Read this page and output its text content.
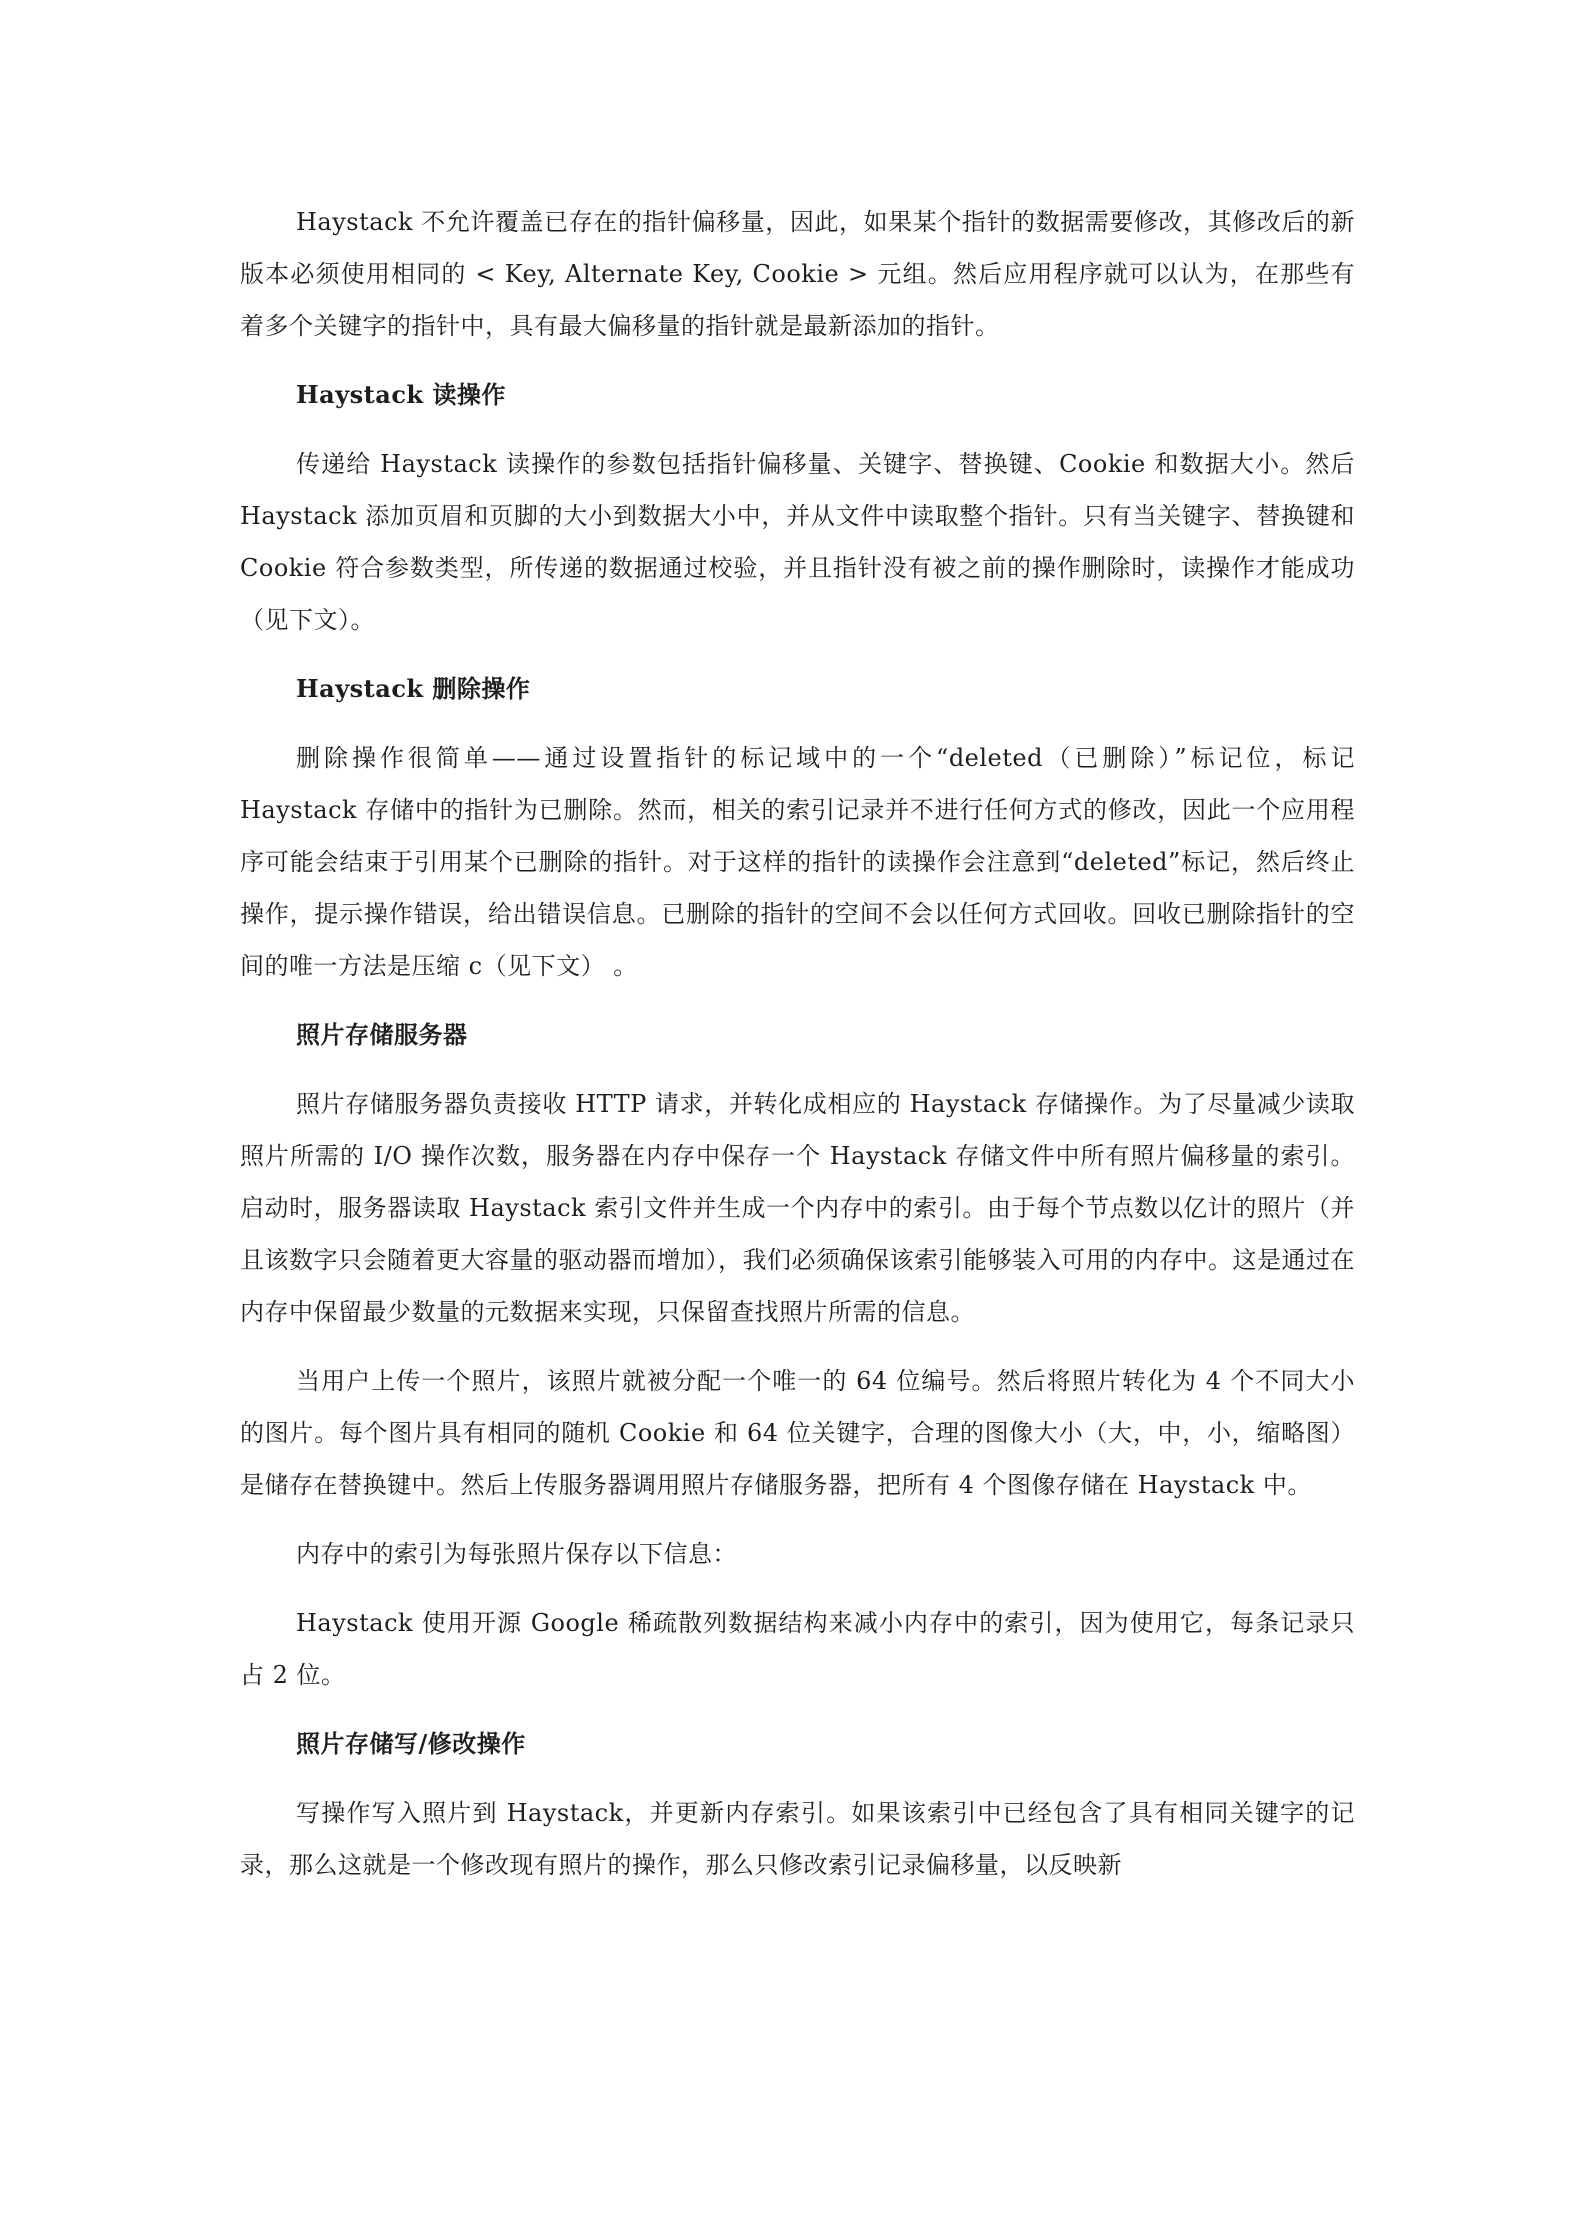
Haystack 不允许覆盖已存在的指针偏移量，因此，如果某个指针的数据需要修改，其修改后的新版本必须使用相同的 < Key, Alternate Key, Cookie > 元组。然后应用程序就可以认为，在那些有着多个关键字的指针中，具有最大偏移量的指针就是最新添加的指针。

Haystack 读操作

传递给 Haystack 读操作的参数包括指针偏移量、关键字、替换键、Cookie 和数据大小。然后 Haystack 添加页眉和页脚的大小到数据大小中，并从文件中读取整个指针。只有当关键字、替换键和 Cookie 符合参数类型，所传递的数据通过校验，并且指针没有被之前的操作删除时，读操作才能成功（见下文）。

Haystack 删除操作

删除操作很简单——通过设置指针的标记域中的一个“deleted（已删除）”标记位，标记 Haystack 存储中的指针为已删除。然而，相关的索引记录并不进行任何方式的修改，因此一个应用程序可能会结束于引用某个已删除的指针。对于这样的指针的读操作会注意到“deleted”标记，然后终止操作，提示操作错误，给出错误信息。已删除的指针的空间不会以任何方式回收。回收已删除指针的空间的唯一方法是压缩 c（见下文） 。

照片存储服务器

照片存储服务器负责接收 HTTP 请求，并转化成相应的 Haystack 存储操作。为了尽量减少读取照片所需的 I/O 操作次数，服务器在内存中保存一个 Haystack 存储文件中所有照片偏移量的索引。启动时，服务器读取 Haystack 索引文件并生成一个内存中的索引。由于每个节点数以亿计的照片（并且该数字只会随着更大容量的驱动器而增加），我们必须确保该索引能够装入可用的内存中。这是通过在内存中保留最少数量的元数据来实现，只保留查找照片所需的信息。

当用户上传一个照片，该照片就被分配一个唯一的 64 位编号。然后将照片转化为 4 个不同大小的图片。每个图片具有相同的随机 Cookie 和 64 位关键字，合理的图像大小（大，中，小，缩略图）是储存在替换键中。然后上传服务器调用照片存储服务器，把所有 4 个图像存储在 Haystack 中。

内存中的索引为每张照片保存以下信息：

Haystack 使用开源 Google 稀疏散列数据结构来减小内存中的索引，因为使用它，每条记录只占 2 位。

照片存储写/修改操作

写操作写入照片到 Haystack，并更新内存索引。如果该索引中已经包含了具有相同关键字的记录，那么这就是一个修改现有照片的操作，那么只修改索引记录偏移量，以反映新
